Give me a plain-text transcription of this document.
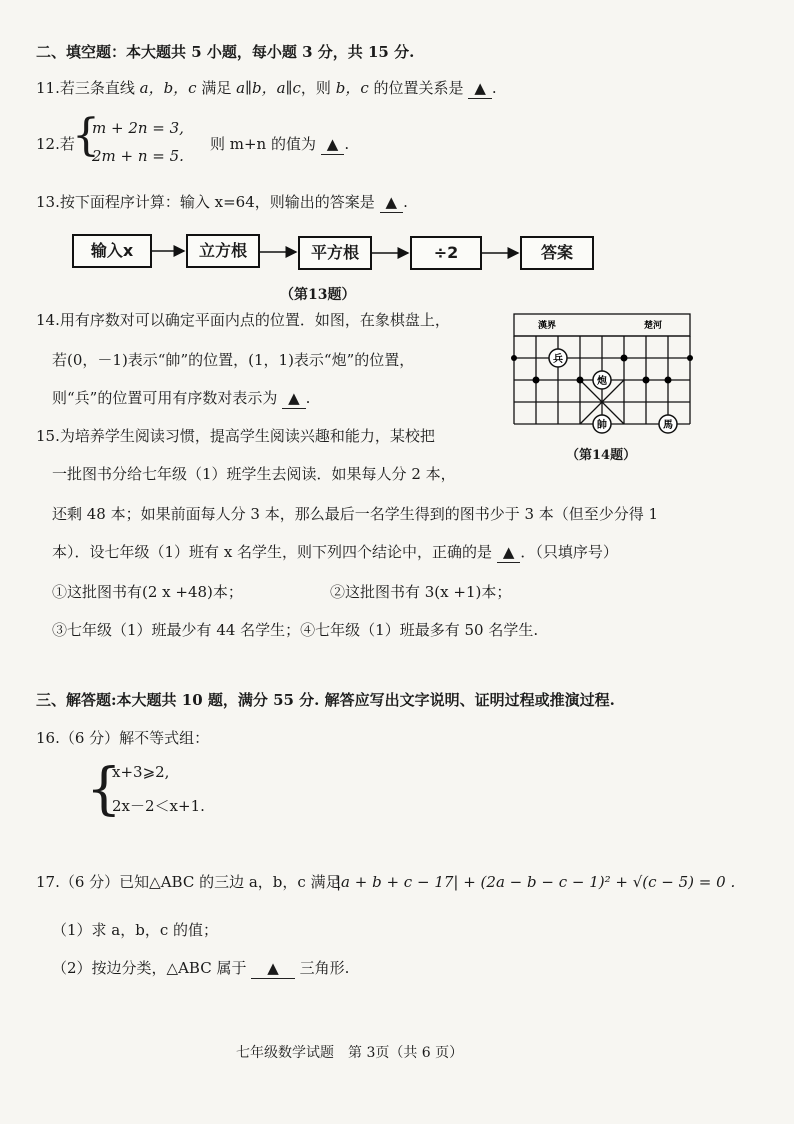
二、填空题：本大题共 5 小题，每小题 3 分，共 15 分.
11.若三条直线 a，b，c 满足 a∥b，a∥c，则 b，c 的位置关系是 ▲ .
12.若
{
m + 2n = 3,
2m + n = 5.
则 m+n 的值为 ▲ .
13.按下面程序计算：输入 x=64，则输出的答案是 ▲ .
输入x	立方根	平方根	÷2	答案
（第13题）
14.用有序数对可以确定平面内点的位置．如图，在象棋盘上，
若(0，－1)表示“帥”的位置，(1，1)表示“炮”的位置，
则“兵”的位置可用有序数对表示为 ▲ .
漢界	楚河
兵
炮
帥	馬
（第14题）
15.为培养学生阅读习惯，提高学生阅读兴趣和能力，某校把
一批图书分给七年级（1）班学生去阅读．如果每人分 2 本，
还剩 48 本；如果前面每人分 3 本，那么最后一名学生得到的图书少于 3 本（但至少分得 1
本）．设七年级（1）班有 x 名学生，则下列四个结论中，正确的是 ▲ ．（只填序号）
①这批图书有(2 x +48)本；	②这批图书有 3(x +1)本；
③七年级（1）班最少有 44 名学生；④七年级（1）班最多有 50 名学生.
三、解答题:本大题共 10 题，满分 55 分. 解答应写出文字说明、证明过程或推演过程.
16.（6 分）解不等式组：
{
x+3⩾2,
2x－2＜x+1.
17.（6 分）已知△ABC 的三边 a，b，c 满足
|a + b + c − 17| + (2a − b − c − 1)² + √(c − 5) = 0 .
（1）求 a，b，c 的值；
（2）按边分类，△ABC 属于 ▲ 三角形.
七年级数学试题　第 3页（共 6 页）
